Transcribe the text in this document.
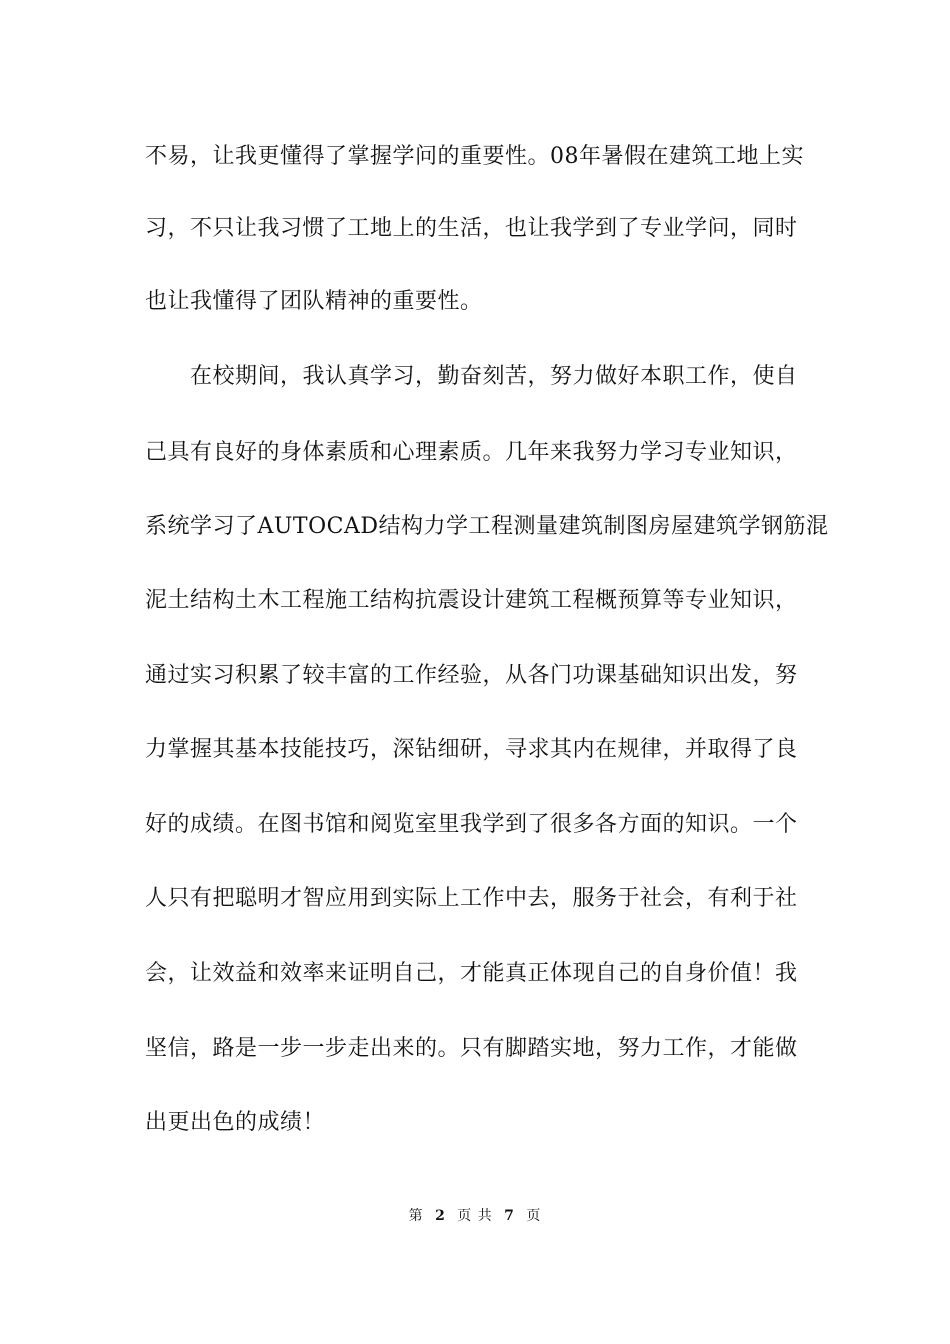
不易，让我更懂得了掌握学问的重要性。08年暑假在建筑工地上实
习，不只让我习惯了工地上的生活，也让我学到了专业学问，同时
也让我懂得了团队精神的重要性。
在校期间，我认真学习，勤奋刻苦，努力做好本职工作，使自
己具有良好的身体素质和心理素质。几年来我努力学习专业知识，
系统学习了AUTOCAD结构力学工程测量建筑制图房屋建筑学钢筋混
泥土结构土木工程施工结构抗震设计建筑工程概预算等专业知识，
通过实习积累了较丰富的工作经验，从各门功课基础知识出发，努
力掌握其基本技能技巧，深钻细研，寻求其内在规律，并取得了良
好的成绩。在图书馆和阅览室里我学到了很多各方面的知识。一个
人只有把聪明才智应用到实际上工作中去，服务于社会，有利于社
会，让效益和效率来证明自己，才能真正体现自己的自身价值！我
坚信，路是一步一步走出来的。只有脚踏实地，努力工作，才能做
出更出色的成绩！
第 2 页 共 7 页
